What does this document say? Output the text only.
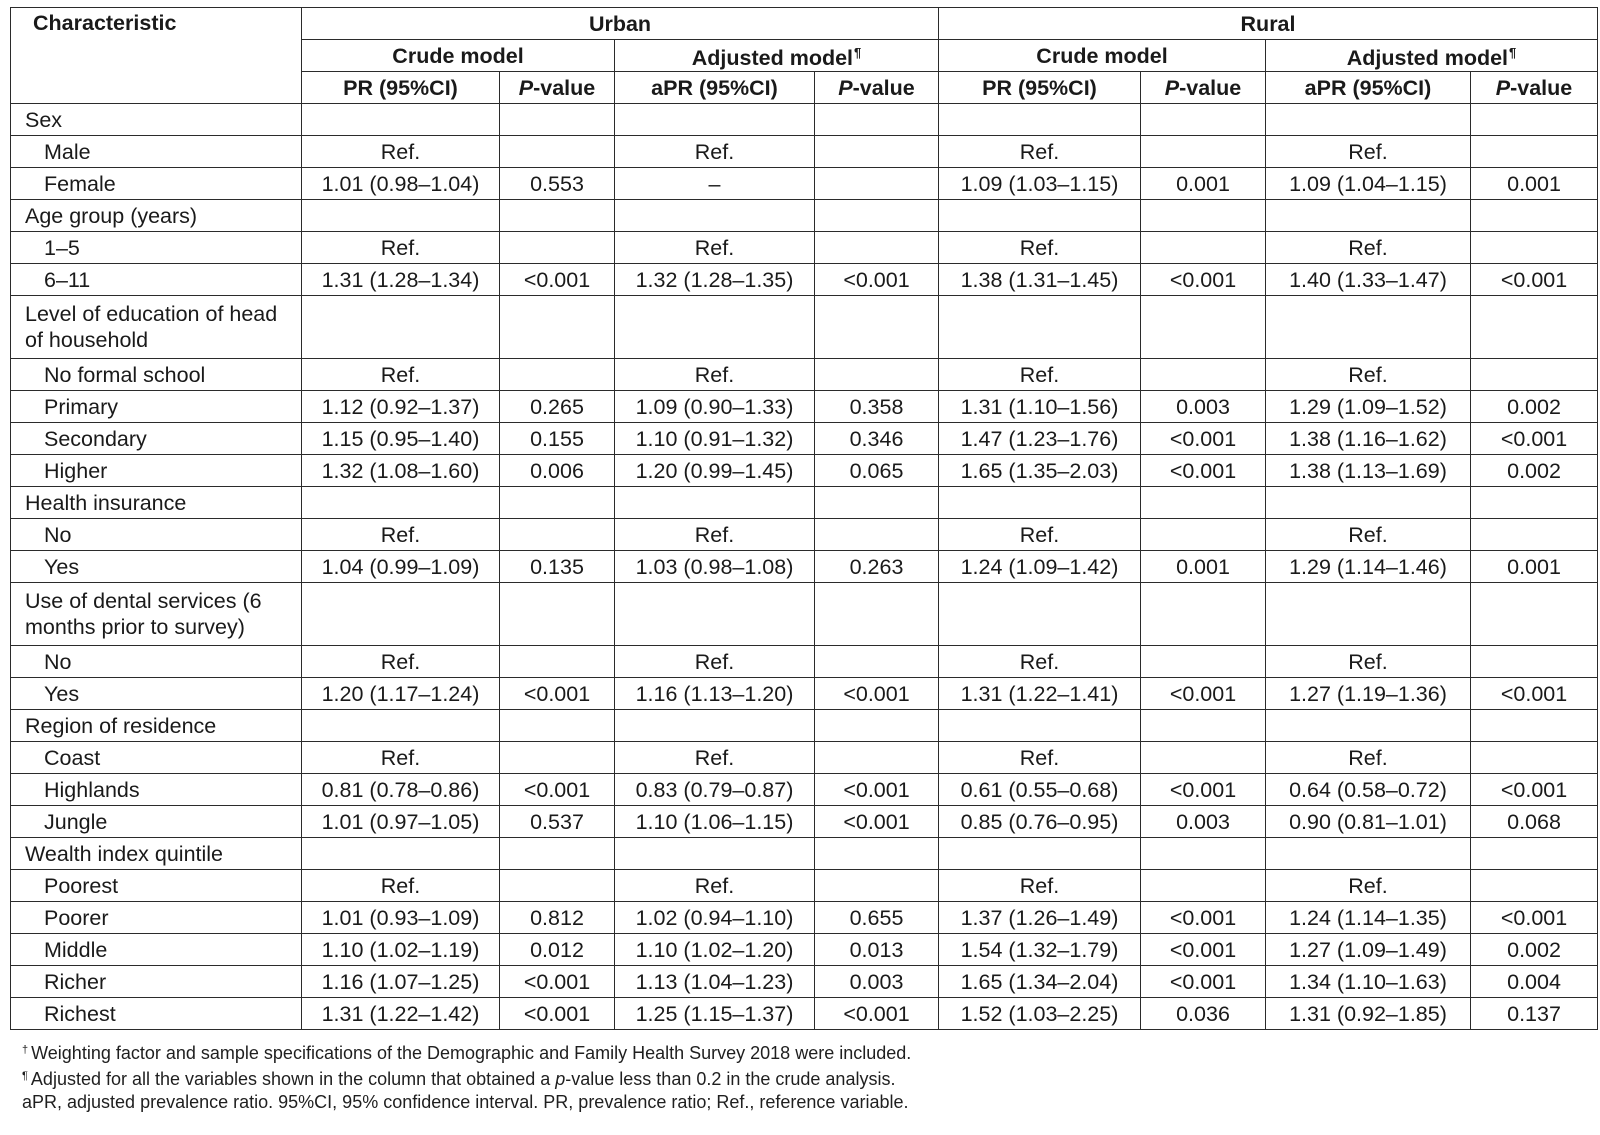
Characteristic	Urban				Rural			
	Crude model		Adjusted model¶		Crude model		Adjusted model¶
	PR (95%CI)	P-value	aPR (95%CI)	P-value	PR (95%CI)	P-value	aPR (95%CI)	P-value
Sex								
Male	Ref.		Ref.		Ref.		Ref.	
Female	1.01 (0.98–1.04)	0.553	–		1.09 (1.03–1.15)	0.001	1.09 (1.04–1.15)	0.001
Age group (years)								
1–5	Ref.		Ref.		Ref.		Ref.	
6–11	1.31 (1.28–1.34)	<0.001	1.32 (1.28–1.35)	<0.001	1.38 (1.31–1.45)	<0.001	1.40 (1.33–1.47)	<0.001
Level of education of head of household								
No formal school	Ref.		Ref.		Ref.		Ref.	
Primary	1.12 (0.92–1.37)	0.265	1.09 (0.90–1.33)	0.358	1.31 (1.10–1.56)	0.003	1.29 (1.09–1.52)	0.002
Secondary	1.15 (0.95–1.40)	0.155	1.10 (0.91–1.32)	0.346	1.47 (1.23–1.76)	<0.001	1.38 (1.16–1.62)	<0.001
Higher	1.32 (1.08–1.60)	0.006	1.20 (0.99–1.45)	0.065	1.65 (1.35–2.03)	<0.001	1.38 (1.13–1.69)	0.002
Health insurance								
No	Ref.		Ref.		Ref.		Ref.	
Yes	1.04 (0.99–1.09)	0.135	1.03 (0.98–1.08)	0.263	1.24 (1.09–1.42)	0.001	1.29 (1.14–1.46)	0.001
Use of dental services (6 months prior to survey)								
No	Ref.		Ref.		Ref.		Ref.	
Yes	1.20 (1.17–1.24)	<0.001	1.16 (1.13–1.20)	<0.001	1.31 (1.22–1.41)	<0.001	1.27 (1.19–1.36)	<0.001
Region of residence								
Coast	Ref.		Ref.		Ref.		Ref.	
Highlands	0.81 (0.78–0.86)	<0.001	0.83 (0.79–0.87)	<0.001	0.61 (0.55–0.68)	<0.001	0.64 (0.58–0.72)	<0.001
Jungle	1.01 (0.97–1.05)	0.537	1.10 (1.06–1.15)	<0.001	0.85 (0.76–0.95)	0.003	0.90 (0.81–1.01)	0.068
Wealth index quintile								
Poorest	Ref.		Ref.		Ref.		Ref.	
Poorer	1.01 (0.93–1.09)	0.812	1.02 (0.94–1.10)	0.655	1.37 (1.26–1.49)	<0.001	1.24 (1.14–1.35)	<0.001
Middle	1.10 (1.02–1.19)	0.012	1.10 (1.02–1.20)	0.013	1.54 (1.32–1.79)	<0.001	1.27 (1.09–1.49)	0.002
Richer	1.16 (1.07–1.25)	<0.001	1.13 (1.04–1.23)	0.003	1.65 (1.34–2.04)	<0.001	1.34 (1.10–1.63)	0.004
Richest	1.31 (1.22–1.42)	<0.001	1.25 (1.15–1.37)	<0.001	1.52 (1.03–2.25)	0.036	1.31 (0.92–1.85)	0.137
† Weighting factor and sample specifications of the Demographic and Family Health Survey 2018 were included.
¶ Adjusted for all the variables shown in the column that obtained a p-value less than 0.2 in the crude analysis.
aPR, adjusted prevalence ratio. 95%CI, 95% confidence interval. PR, prevalence ratio; Ref., reference variable.
